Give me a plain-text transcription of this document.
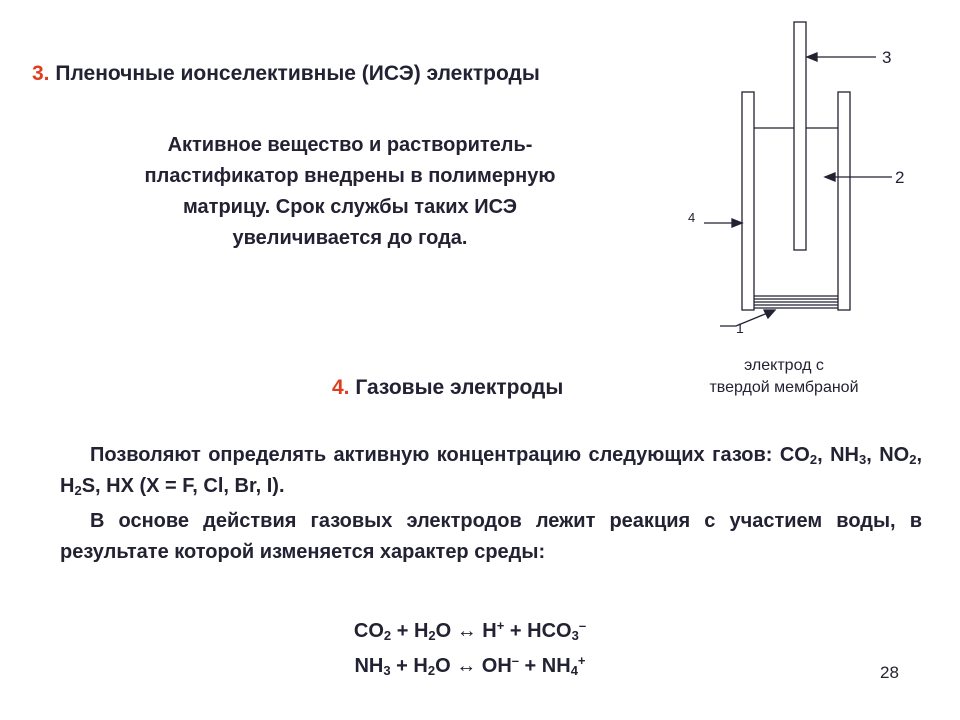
3. Пленочные ионселективные (ИСЭ) электроды
Активное вещество и растворитель-
пластификатор внедрены в полимерную
матрицу. Срок службы таких ИСЭ
увеличивается до года.
3
2
4
1
электрод с
твердой мембраной
4. Газовые электроды

Позволяют определять активную концентрацию следующих газов: $CO_2$, $NH_3$, $NO_2$, $H_2S$, HX (X = F, Cl, Br, I).

В основе действия газовых электродов лежит реакция с участием воды, в результате которой изменяется характер среды:

$CO_2 + H_2O$ ↔ $H^+ + HCO_3^-$
$NH_3 + H_2O$ ↔ $OH^- + NH_4^+$
28
